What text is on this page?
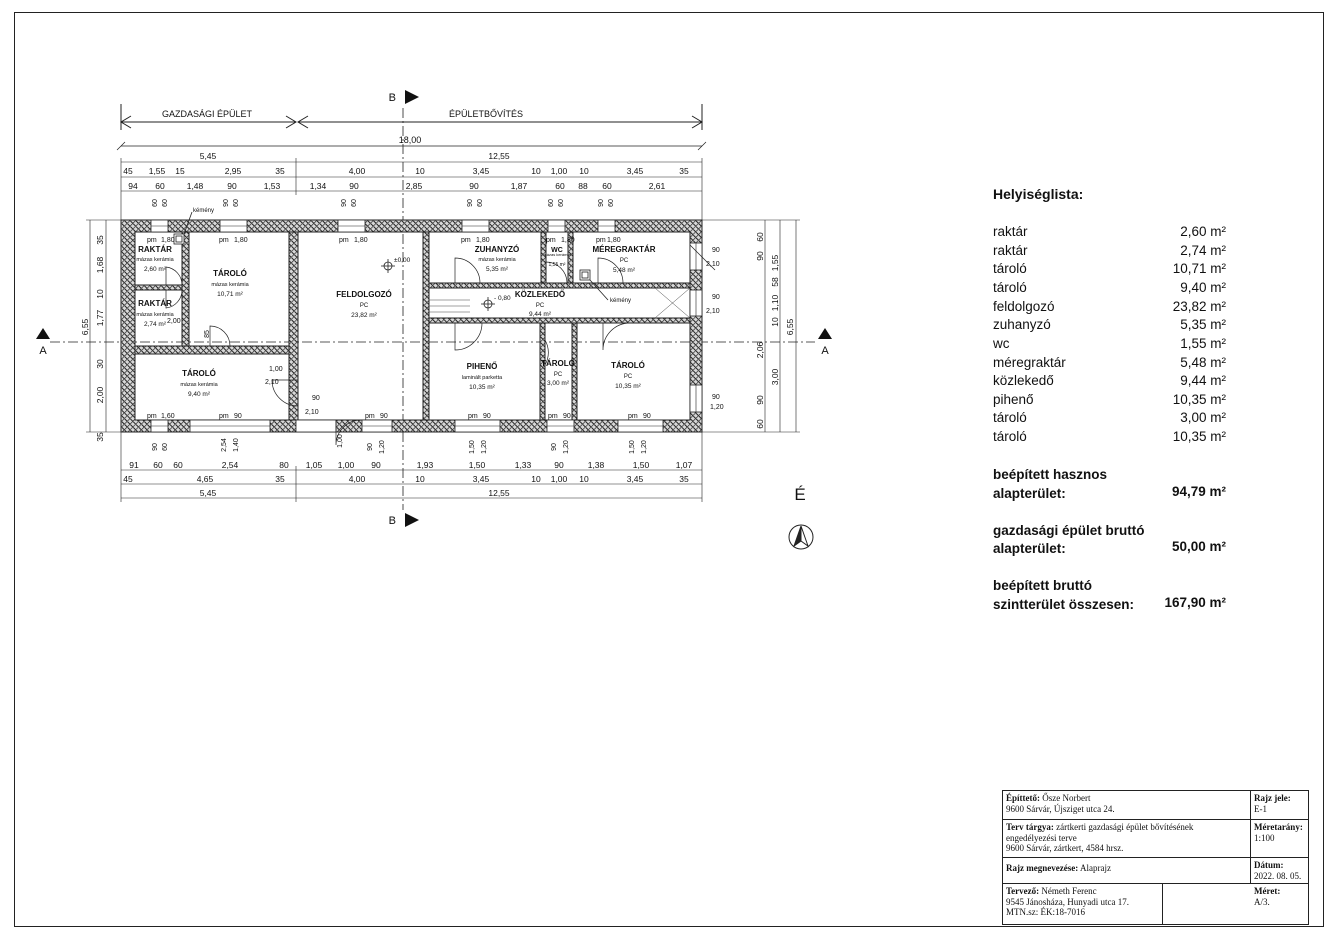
GAZDASÁGI ÉPÜLET	ÉPÜLETBŐVÍTÉS
B
B
A	A
18,00
5,45	12,55
45 1,55 15	2,95	35	4,00	10	3,45	10 1,00 10	3,45	35
94 60	1,48	90	1,53	1,34	90	2,85	90	1,87	60 88 60	2,61
91 60 60	2,54	80 1,05 1,00 90	1,93	1,50	1,33	90	1,38	1,50	1,07
45	4,65	35	4,00	10	3,45	10 1,00 10	3,45	35
5,45	12,55
35
1,68
10
1,77
30
2,00
35
6,55
60
90 1,55
58
1,10
10
2,06
3,00
90
60
6,55
kémény
kémény
±0,00
- 0,80
RAKTÁR
mázas kerámia
2,60 m²
RAKTÁR
mázas kerámia
2,74 m²
TÁROLÓ
mázas kerámia
10,71 m²
TÁROLÓ
mázas kerámia
9,40 m²
FELDOLGOZÓ
PC
23,82 m²
ZUHANYZÓ
mázas kerámia
5,35 m²
WC
mázas kerámia
1,55 m²
MÉREGRAKTÁR
PC
5,48 m²
KÖZLEKEDŐ
PC
9,44 m²
PIHENŐ
laminált parketta
10,35 m²
TÁROLÓ
PC
3,00 m²
TÁROLÓ
PC
10,35 m²
pm 1,80	pm 1,80	pm 1,80	pm 1,80	pm 1,80	pm 1,80
pm 1,60	pm 90	pm 90	pm 90	pm 90	pm 90
90
2,10
90
2,10
90
1,20
90
2,10
1,00
2,10
2,00
60 60	90 60	90 60	90 60	60 60	90 60
90 60	2,54 1,40	90 1,20	1,50 1,20	90 1,20	1,50 1,20
85
1,00
É
Helyiséglista:
raktár	2,60 m²
raktár	2,74 m²
tároló	10,71 m²
tároló	9,40 m²
feldolgozó	23,82 m²
zuhanyzó	5,35 m²
wc	1,55 m²
méregraktár	5,48 m²
közlekedő	9,44 m²
pihenő	10,35 m²
tároló	3,00 m²
tároló	10,35 m²
beépített hasznos
alapterület:	94,79 m²
gazdasági épület bruttó
alapterület:	50,00 m²
beépített bruttó
szintterület összesen:	167,90 m²
Építtető: Ősze Norbert
9600 Sárvár, Újsziget utca 24.
Rajz jele:
E-1
Terv tárgya: zártkerti gazdasági épület bővítésének
engedélyezési terve
9600 Sárvár, zártkert, 4584 hrsz.
Méretarány:
1:100
Rajz megnevezése: Alaprajz	Dátum:
2022. 08. 05.
Tervező: Németh Ferenc
9545 Jánosháza, Hunyadi utca 17.
MTN.sz: ÉK:18-7016
Méret:
A/3.
